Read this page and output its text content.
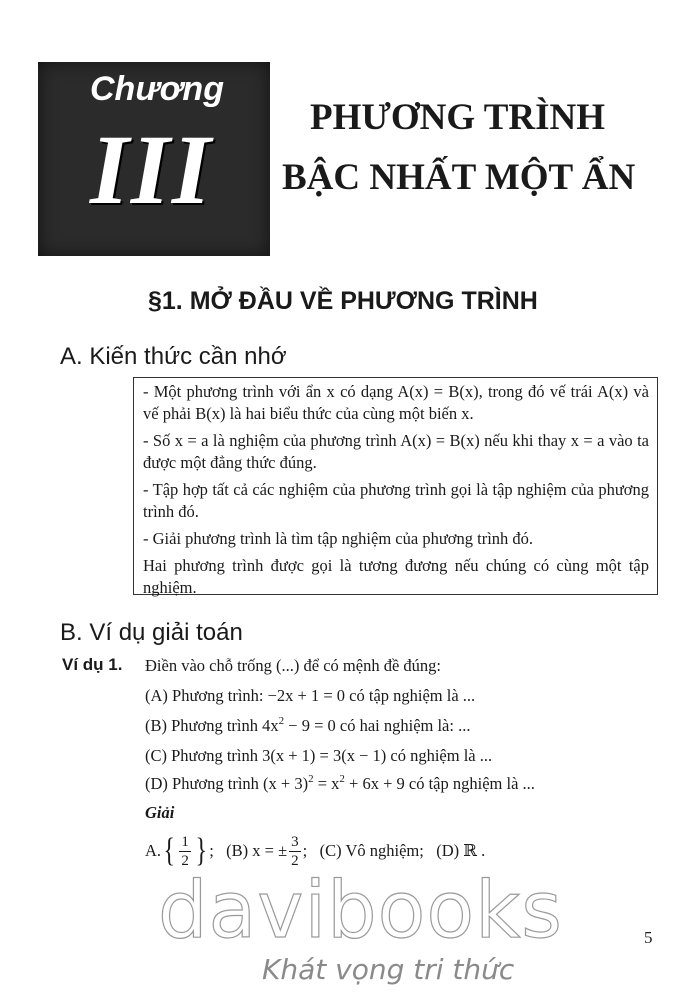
Chương
III	PHƯƠNG TRÌNH
BẬC NHẤT MỘT ẨN
§1. MỞ ĐẦU VỀ PHƯƠNG TRÌNH
A. Kiến thức cần nhớ

- Một phương trình với ẩn x có dạng A(x) = B(x), trong đó vế trái A(x) và vế phải B(x) là hai biểu thức của cùng một biến x.

- Số x = a là nghiệm của phương trình A(x) = B(x) nếu khi thay x = a vào ta được một đẳng thức đúng.

- Tập hợp tất cả các nghiệm của phương trình gọi là tập nghiệm của phương trình đó.

- Giải phương trình là tìm tập nghiệm của phương trình đó.

Hai phương trình được gọi là tương đương nếu chúng có cùng một tập nghiệm.

B. Ví dụ giải toán
Ví dụ 1. Điền vào chỗ trống (...) để có mệnh đề đúng:
(A) Phương trình: −2x + 1 = 0 có tập nghiệm là ...
(B) Phương trình $4x^2 - 9 = 0$ có hai nghiệm là: ...
(C) Phương trình 3(x + 1) = 3(x − 1) có nghiệm là ...
(D) Phương trình $(x + 3)^2 = x^2 + 6x + 9$ có tập nghiệm là ...
Giải
A. { $\frac{1}{2}$ } ; (B) x = ± $\frac{3}{2}$ ; (C) Vô nghiệm;
(D) ℝ .
davibooks
Khát vọng tri thức
5
